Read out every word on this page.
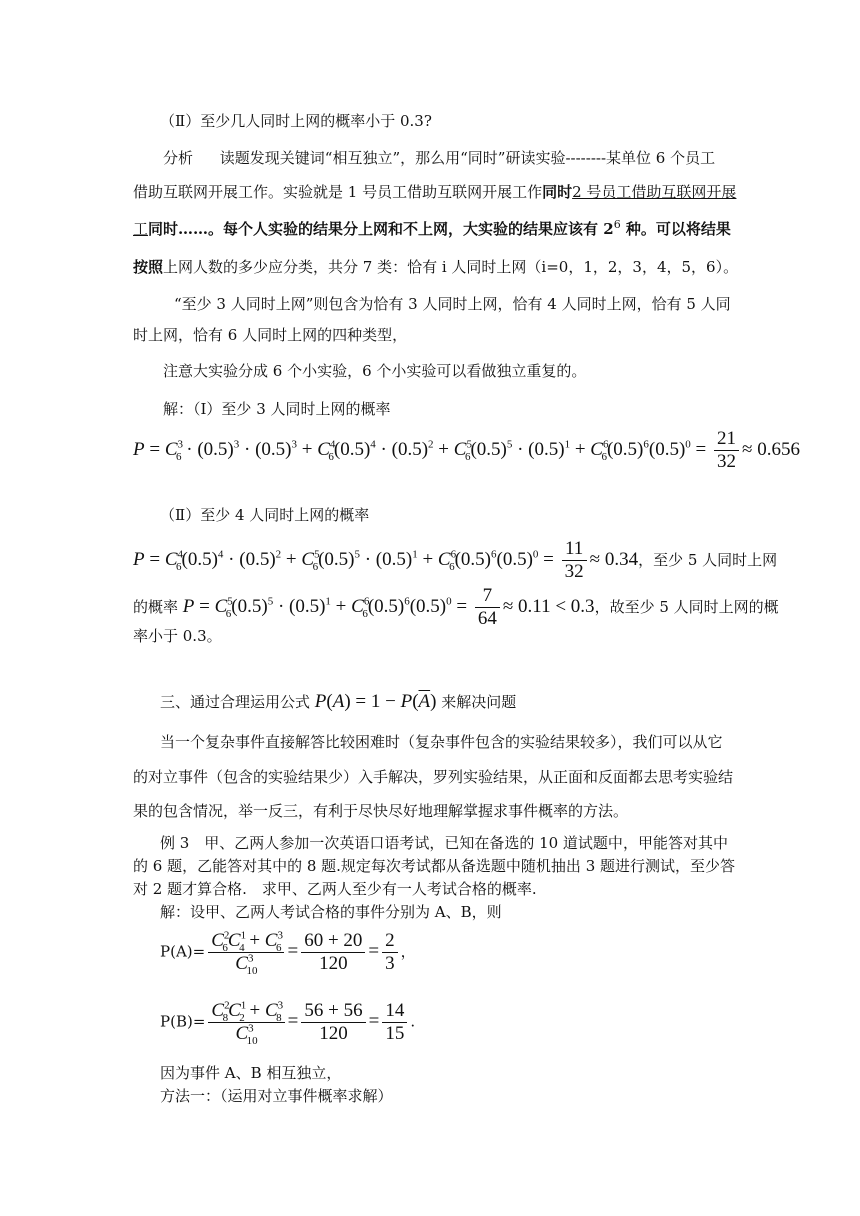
（Ⅱ）至少几人同时上网的概率小于 0.3?
分析 读题发现关键词“相互独立”，那么用“同时”研读实验--------某单位 6 个员工
借助互联网开展工作。实验就是 1 号员工借助互联网开展工作同时2 号员工借助互联网开展
工同时……。每个人实验的结果分上网和不上网，大实验的结果应该有 $2^6$ 种。可以将结果
按照上网人数的多少应分类，共分 7 类：恰有 i 人同时上网（i=0，1，2，3，4，5，6）。
“至少 3 人同时上网”则包含为恰有 3 人同时上网，恰有 4 人同时上网，恰有 5 人同
时上网，恰有 6 人同时上网的四种类型，
注意大实验分成 6 个小实验，6 个小实验可以看做独立重复的。
解：（Ⅰ）至少 3 人同时上网的概率
$P = C^3_6 \cdot (0.5)^3 \cdot (0.5)^3 + C^4_6(0.5)^4 \cdot (0.5)^2 + C^5_6(0.5)^5 \cdot (0.5)^1 + C^6_6(0.5)^6(0.5)^0 = \frac{21}{32} \approx 0.656$
（Ⅱ）至少 4 人同时上网的概率
$P = C^4_6(0.5)^4 \cdot (0.5)^2 + C^5_6(0.5)^5 \cdot (0.5)^1 + C^6_6(0.5)^6(0.5)^0 = \frac{11}{32} \approx 0.34$，至少 5 人同时上网
的概率 $P = C^5_6(0.5)^5 \cdot (0.5)^1 + C^6_6(0.5)^6(0.5)^0 = \frac{7}{64} \approx 0.11 < 0.3$，故至少 5 人同时上网的概
率小于 0.3。
三、通过合理运用公式 $P(A) = 1 - P(\overline{A})$ 来解决问题
当一个复杂事件直接解答比较困难时（复杂事件包含的实验结果较多），我们可以从它
的对立事件（包含的实验结果少）入手解决，罗列实验结果，从正面和反面都去思考实验结
果的包含情况，举一反三，有利于尽快尽好地理解掌握求事件概率的方法。
例 3　甲、乙两人参加一次英语口语考试，已知在备选的 10 道试题中，甲能答对其中
的 6 题，乙能答对其中的 8 题.规定每次考试都从备选题中随机抽出 3 题进行测试，至少答
对 2 题才算合格.　求甲、乙两人至少有一人考试合格的概率.
解：设甲、乙两人考试合格的事件分别为 A、B，则
$P(A)= \frac{C^2_6C^1_4 + C^3_6}{C^3_{10}} = \frac{60 + 20}{120} = \frac{2}{3}$ ，
$P(B)= \frac{C^2_8C^1_2 + C^3_8}{C^3_{10}} = \frac{56 + 56}{120} = \frac{14}{15}$ .
因为事件 A、B 相互独立，
方法一：（运用对立事件概率求解）
